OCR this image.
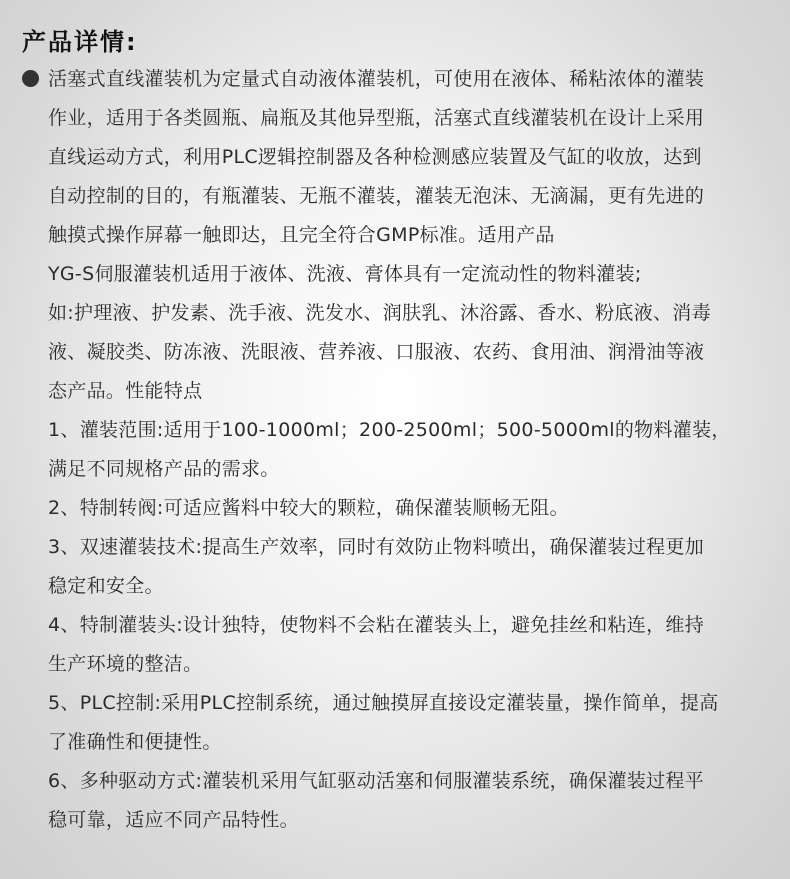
产品详情:
活塞式直线灌装机为定量式自动液体灌装机，可使用在液体、稀粘浓体的灌装
作业，适用于各类圆瓶、扁瓶及其他异型瓶，活塞式直线灌装机在设计上采用
直线运动方式，利用PLC逻辑控制器及各种检测感应装置及气缸的收放，达到
自动控制的目的，有瓶灌装、无瓶不灌装，灌装无泡沫、无滴漏，更有先进的
触摸式操作屏幕一触即达，且完全符合GMP标准。适用产品
YG-S伺服灌装机适用于液体、洗液、膏体具有一定流动性的物料灌装;
如:护理液、护发素、洗手液、洗发水、润肤乳、沐浴露、香水、粉底液、消毒
液、凝胶类、防冻液、洗眼液、营养液、口服液、农药、食用油、润滑油等液
态产品。性能特点
1、灌装范围:适用于100-1000ml；200-2500ml；500-5000ml的物料灌装，
满足不同规格产品的需求。
2、特制转阀:可适应酱料中较大的颗粒，确保灌装顺畅无阻。
3、双速灌装技术:提高生产效率，同时有效防止物料喷出，确保灌装过程更加
稳定和安全。
4、特制灌装头:设计独特，使物料不会粘在灌装头上，避免挂丝和粘连，维持
生产环境的整洁。
5、PLC控制:采用PLC控制系统，通过触摸屏直接设定灌装量，操作简单，提高
了准确性和便捷性。
6、多种驱动方式:灌装机采用气缸驱动活塞和伺服灌装系统，确保灌装过程平
稳可靠，适应不同产品特性。
